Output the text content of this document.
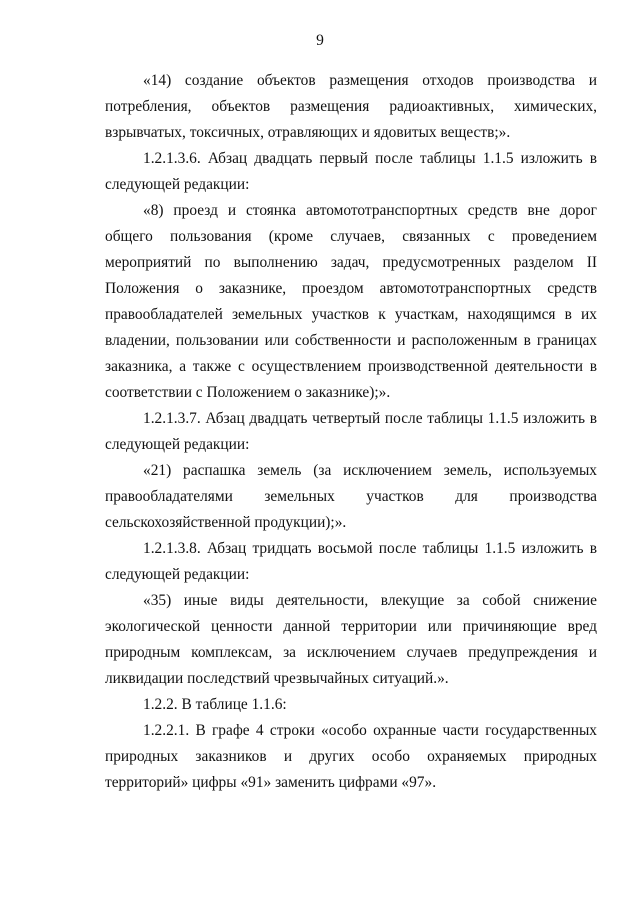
9

«14) создание объектов размещения отходов производства и потребления, объектов размещения радиоактивных, химических, взрывчатых, токсичных, отравляющих и ядовитых веществ;».

1.2.1.3.6. Абзац двадцать первый после таблицы 1.1.5 изложить в следующей редакции:

«8) проезд и стоянка автомототранспортных средств вне дорог общего пользования (кроме случаев, связанных с проведением мероприятий по выполнению задач, предусмотренных разделом II Положения о заказнике, проездом автомототранспортных средств правообладателей земельных участков к участкам, находящимся в их владении, пользовании или собственности и расположенным в границах заказника, а также с осуществлением производственной деятельности в соответствии с Положением о заказнике);».

1.2.1.3.7. Абзац двадцать четвертый после таблицы 1.1.5 изложить в следующей редакции:

«21) распашка земель (за исключением земель, используемых правообладателями земельных участков для производства сельскохозяйственной продукции);».

1.2.1.3.8. Абзац тридцать восьмой после таблицы 1.1.5 изложить в следующей редакции:

«35) иные виды деятельности, влекущие за собой снижение экологической ценности данной территории или причиняющие вред природным комплексам, за исключением случаев предупреждения и ликвидации последствий чрезвычайных ситуаций.».

1.2.2. В таблице 1.1.6:

1.2.2.1. В графе 4 строки «особо охранные части государственных природных заказников и других особо охраняемых природных территорий» цифры «91» заменить цифрами «97».
